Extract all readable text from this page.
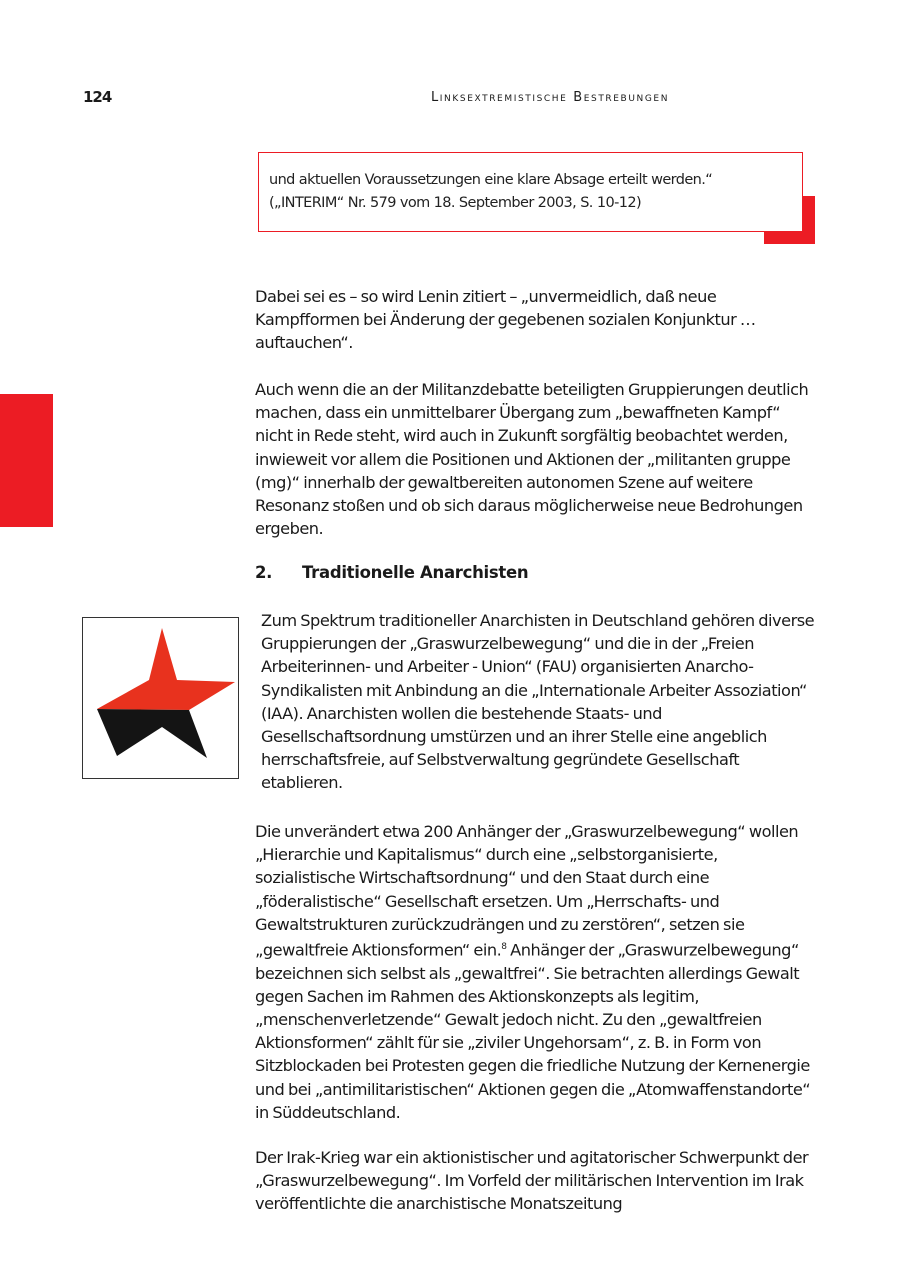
124	Linksextremistische Bestrebungen

und aktuellen Voraussetzungen eine klare Absage erteilt werden.“

(„INTERIM“ Nr. 579 vom 18. September 2003, S. 10-12)

Dabei sei es – so wird Lenin zitiert – „unvermeidlich, daß neue Kampfformen bei Änderung der gegebenen sozialen Konjunktur … auftauchen“.

Auch wenn die an der Militanzdebatte beteiligten Gruppierungen deutlich machen, dass ein unmittelbarer Übergang zum „bewaffneten Kampf“ nicht in Rede steht, wird auch in Zukunft sorgfältig beobachtet werden, inwieweit vor allem die Positionen und Aktionen der „militanten gruppe (mg)“ innerhalb der gewaltbereiten autonomen Szene auf weitere Resonanz stoßen und ob sich daraus möglicherweise neue Bedrohungen ergeben.

2. Traditionelle Anarchisten

Zum Spektrum traditioneller Anarchisten in Deutschland gehören diverse Gruppierungen der „Graswurzelbewegung“ und die in der „Freien Arbeiterinnen- und Arbeiter - Union“ (FAU) organisierten Anarcho-Syndikalisten mit Anbindung an die „Internationale Arbeiter Assoziation“ (IAA). Anarchisten wollen die bestehende Staats- und Gesellschaftsordnung umstürzen und an ihrer Stelle eine angeblich herrschaftsfreie, auf Selbstverwaltung gegründete Gesellschaft etablieren.

Die unverändert etwa 200 Anhänger der „Graswurzelbewegung“ wollen „Hierarchie und Kapitalismus“ durch eine „selbstorganisierte, sozialistische Wirtschaftsordnung“ und den Staat durch eine „föderalistische“ Gesellschaft ersetzen. Um „Herrschafts- und Gewaltstrukturen zurückzudrängen und zu zerstören“, setzen sie „gewaltfreie Aktionsformen“ ein.$^8$ Anhänger der „Graswurzelbewegung“ bezeichnen sich selbst als „gewaltfrei“. Sie betrachten allerdings Gewalt gegen Sachen im Rahmen des Aktionskonzepts als legitim, „menschenverletzende“ Gewalt jedoch nicht. Zu den „gewaltfreien Aktionsformen“ zählt für sie „ziviler Ungehorsam“, z. B. in Form von Sitzblockaden bei Protesten gegen die friedliche Nutzung der Kernenergie und bei „antimilitaristischen“ Aktionen gegen die „Atomwaffenstandorte“ in Süddeutschland.

Der Irak-Krieg war ein aktionistischer und agitatorischer Schwerpunkt der „Graswurzelbewegung“. Im Vorfeld der militärischen Intervention im Irak veröffentlichte die anarchistische Monatszeitung
